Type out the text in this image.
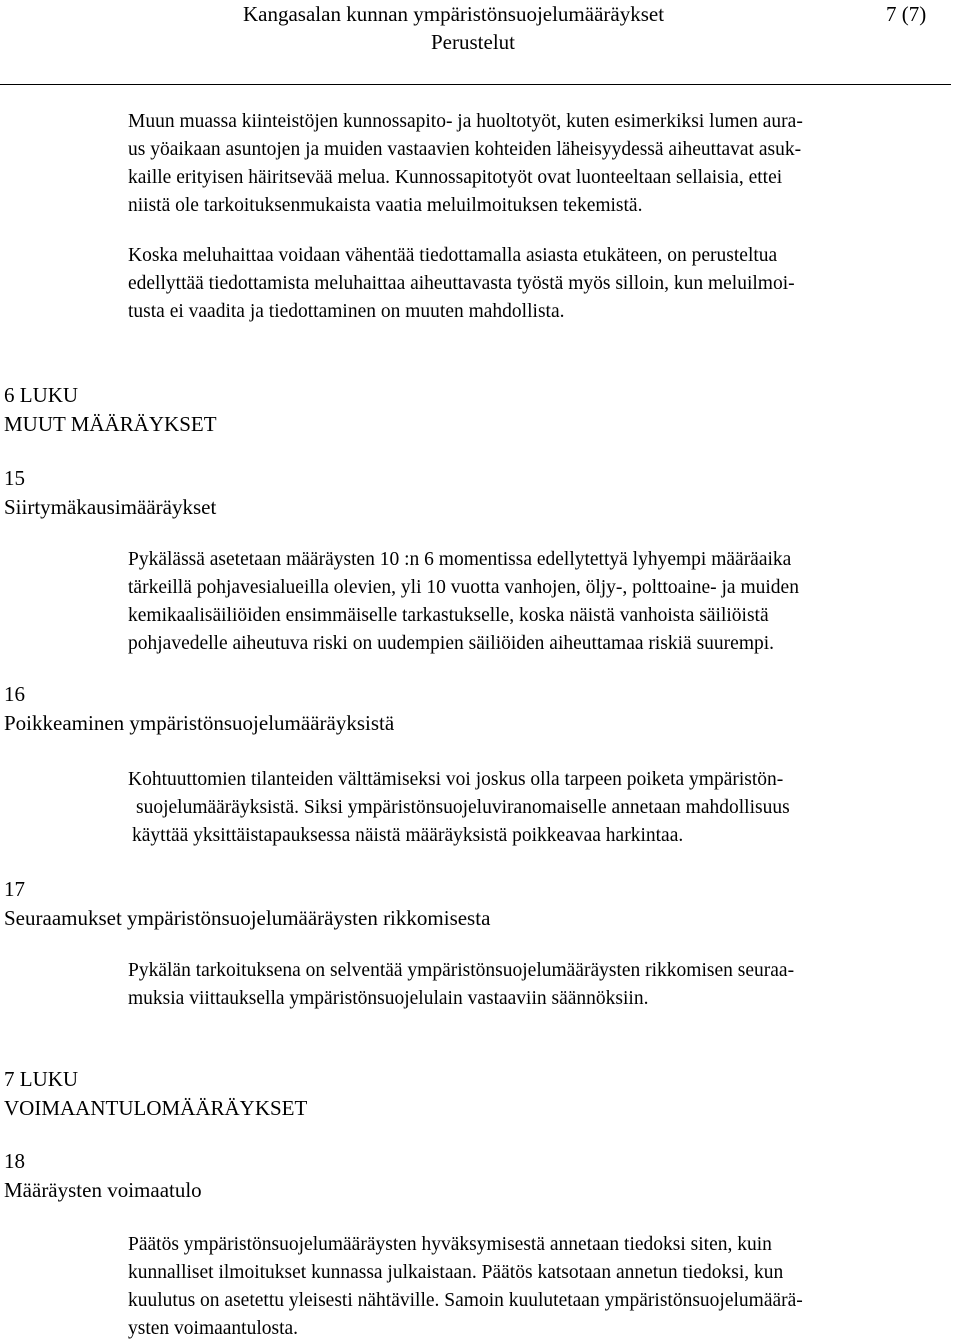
Kangasalan kunnan ympäristönsuojelumääräykset	7 (7)
Perustelut
Muun muassa kiinteistöjen kunnossapito- ja huoltotyöt, kuten esimerkiksi lumen aura-
us yöaikaan asuntojen ja muiden vastaavien kohteiden läheisyydessä aiheuttavat asuk-
kaille erityisen häiritsevää melua. Kunnossapitotyöt ovat luonteeltaan sellaisia, ettei
niistä ole tarkoituksenmukaista vaatia meluilmoituksen tekemistä.
Koska meluhaittaa voidaan vähentää tiedottamalla asiasta etukäteen, on perusteltua
edellyttää tiedottamista meluhaittaa aiheuttavasta työstä myös silloin, kun meluilmoi-
tusta ei vaadita ja tiedottaminen on muuten mahdollista.
6 LUKU
MUUT MÄÄRÄYKSET
15
Siirtymäkausimääräykset
Pykälässä asetetaan määräysten 10 :n 6 momentissa edellytettyä lyhyempi määräaika
tärkeillä pohjavesialueilla olevien, yli 10 vuotta vanhojen, öljy-, polttoaine- ja muiden
kemikaalisäiliöiden ensimmäiselle tarkastukselle, koska näistä vanhoista säiliöistä
pohjavedelle aiheutuva riski on uudempien säiliöiden aiheuttamaa riskiä suurempi.
16
Poikkeaminen ympäristönsuojelumääräyksistä
Kohtuuttomien tilanteiden välttämiseksi voi joskus olla tarpeen poiketa ympäristön-
suojelumääräyksistä. Siksi ympäristönsuojeluviranomaiselle annetaan mahdollisuus
käyttää yksittäistapauksessa näistä määräyksistä poikkeavaa harkintaa.
17
Seuraamukset ympäristönsuojelumääräysten rikkomisesta
Pykälän tarkoituksena on selventää ympäristönsuojelumääräysten rikkomisen seuraa-
muksia viittauksella ympäristönsuojelulain vastaaviin säännöksiin.
7 LUKU
VOIMAANTULOMÄÄRÄYKSET
18
Määräysten voimaatulo
Päätös ympäristönsuojelumääräysten hyväksymisestä annetaan tiedoksi siten, kuin
kunnalliset ilmoitukset kunnassa julkaistaan. Päätös katsotaan annetun tiedoksi, kun
kuulutus on asetettu yleisesti nähtäville. Samoin kuulutetaan ympäristönsuojelumäärä-
ysten voimaantulosta.
